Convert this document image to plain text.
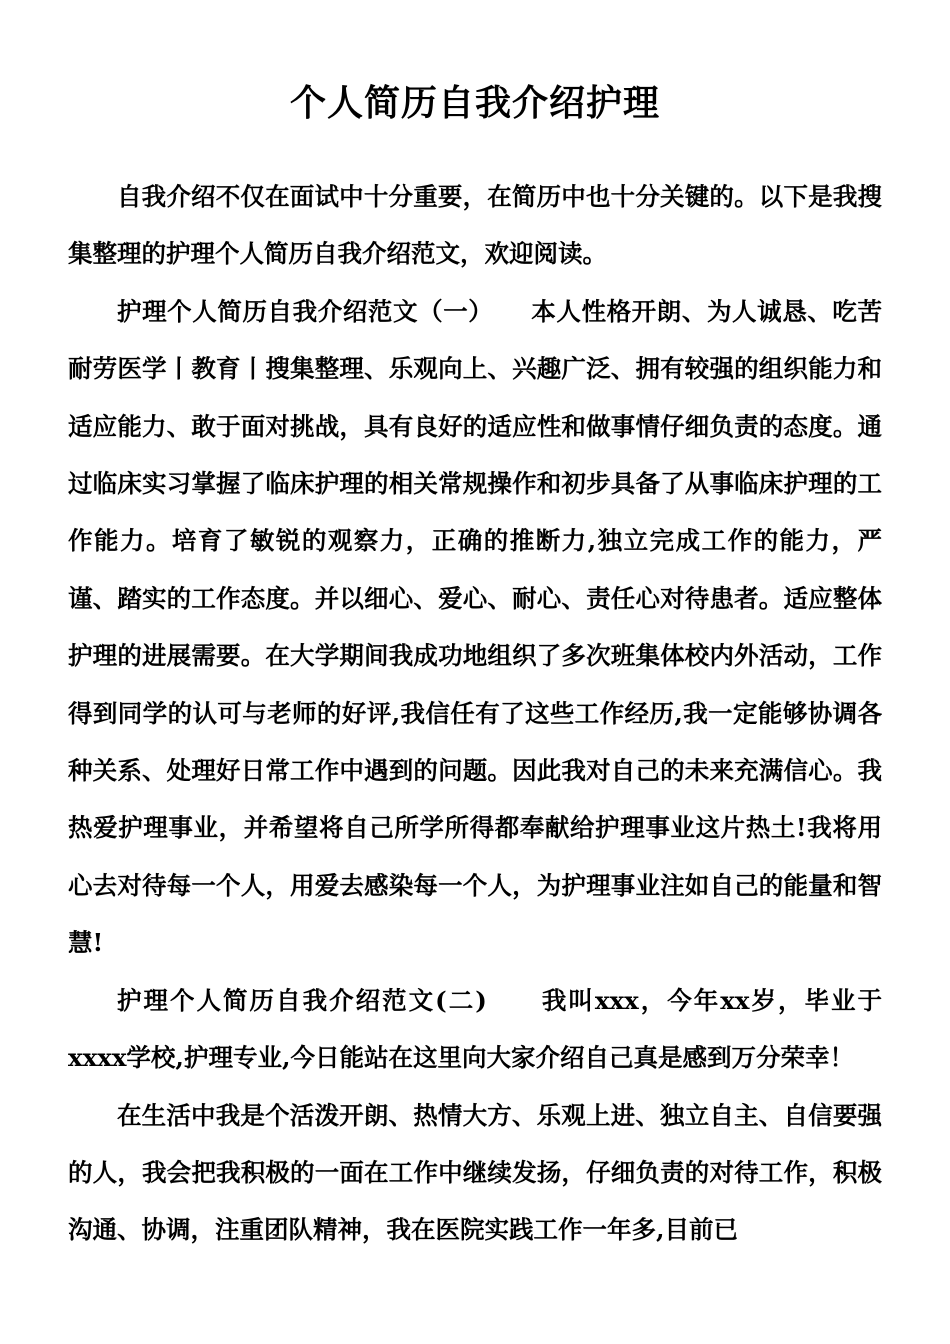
个人简历自我介绍护理

自我介绍不仅在面试中十分重要，在简历中也十分关键的。以下是我搜集整理的护理个人简历自我介绍范文，欢迎阅读。

护理个人简历自我介绍范文（一）　　本人性格开朗、为人诚恳、吃苦耐劳医学丨教育丨搜集整理、乐观向上、兴趣广泛、拥有较强的组织能力和适应能力、敢于面对挑战，具有良好的适应性和做事情仔细负责的态度。通过临床实习掌握了临床护理的相关常规操作和初步具备了从事临床护理的工作能力。培育了敏锐的观察力，正确的推断力,独立完成工作的能力，严谨、踏实的工作态度。并以细心、爱心、耐心、责任心对待患者。适应整体护理的进展需要。在大学期间我成功地组织了多次班集体校内外活动，工作得到同学的认可与老师的好评,我信任有了这些工作经历,我一定能够协调各种关系、处理好日常工作中遇到的问题。因此我对自己的未来充满信心。我热爱护理事业，并希望将自己所学所得都奉献给护理事业这片热土!我将用心去对待每一个人，用爱去感染每一个人，为护理事业注如自己的能量和智慧!

护理个人简历自我介绍范文(二)　　我叫xxx，今年xx岁，毕业于xxxx学校,护理专业,今日能站在这里向大家介绍自己真是感到万分荣幸！

在生活中我是个活泼开朗、热情大方、乐观上进、独立自主、自信要强的人，我会把我积极的一面在工作中继续发扬，仔细负责的对待工作，积极沟通、协调，注重团队精神，我在医院实践工作一年多,目前已
